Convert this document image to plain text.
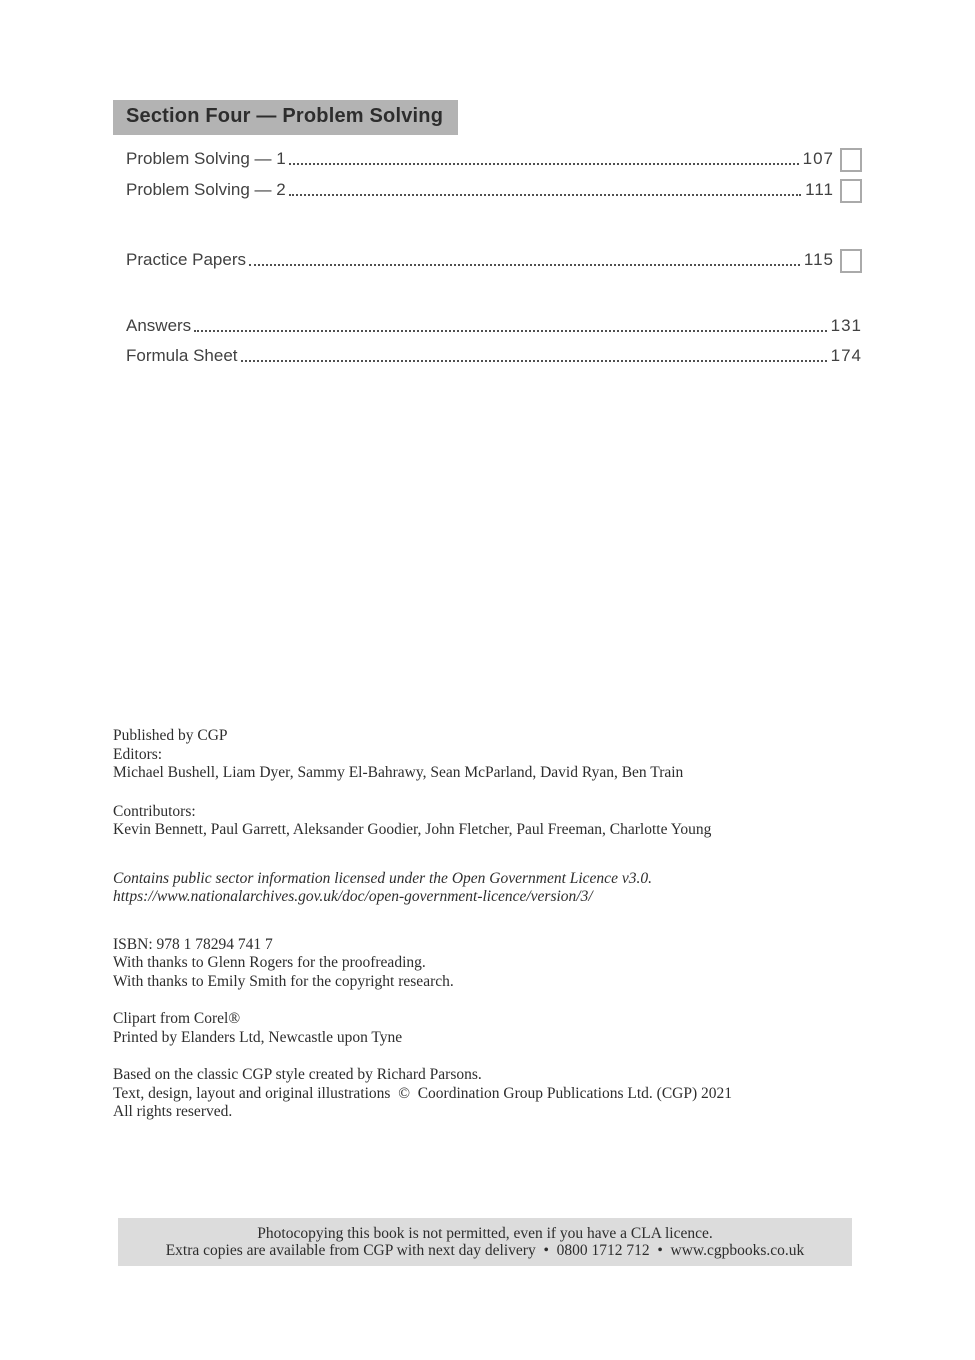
Section Four — Problem Solving
Problem Solving — 1	107
Problem Solving — 2	111
Practice Papers	115
Answers	131
Formula Sheet	174

Published by CGP

Editors:

Michael Bushell, Liam Dyer, Sammy El-Bahrawy, Sean McParland, David Ryan, Ben Train

Contributors:

Kevin Bennett, Paul Garrett, Aleksander Goodier, John Fletcher, Paul Freeman, Charlotte Young

Contains public sector information licensed under the Open Government Licence v3.0.

https://www.nationalarchives.gov.uk/doc/open-government-licence/version/3/

ISBN: 978 1 78294 741 7

With thanks to Glenn Rogers for the proofreading.

With thanks to Emily Smith for the copyright research.

Clipart from Corel®

Printed by Elanders Ltd, Newcastle upon Tyne

Based on the classic CGP style created by Richard Parsons.

Text, design, layout and original illustrations  ©  Coordination Group Publications Ltd. (CGP) 2021

All rights reserved.

Photocopying this book is not permitted, even if you have a CLA licence.
Extra copies are available from CGP with next day delivery  •  0800 1712 712  •  www.cgpbooks.co.uk
